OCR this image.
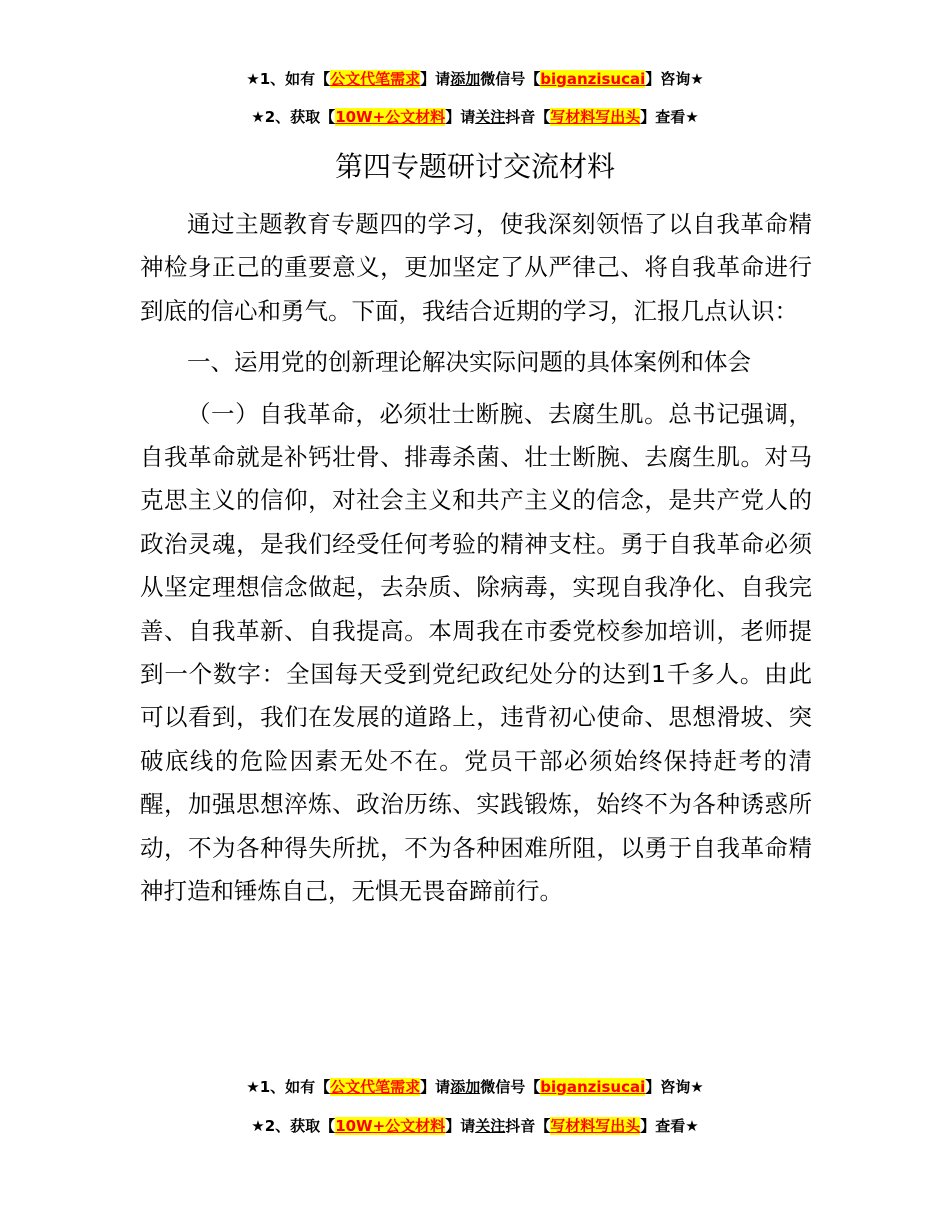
★1、如有【公文代笔需求】请添加微信号【biganzisucai】咨询★
★2、获取【10W+公文材料】请关注抖音【写材料写出头】查看★
第四专题研讨交流材料

通过主题教育专题四的学习，使我深刻领悟了以自我革命精神检身正己的重要意义，更加坚定了从严律己、将自我革命进行到底的信心和勇气。下面，我结合近期的学习，汇报几点认识：

一、运用党的创新理论解决实际问题的具体案例和体会

（一）自我革命，必须壮士断腕、去腐生肌。总书记强调，自我革命就是补钙壮骨、排毒杀菌、壮士断腕、去腐生肌。对马克思主义的信仰，对社会主义和共产主义的信念，是共产党人的政治灵魂，是我们经受任何考验的精神支柱。勇于自我革命必须从坚定理想信念做起，去杂质、除病毒，实现自我净化、自我完善、自我革新、自我提高。本周我在市委党校参加培训，老师提到一个数字：全国每天受到党纪政纪处分的达到1千多人。由此可以看到，我们在发展的道路上，违背初心使命、思想滑坡、突破底线的危险因素无处不在。党员干部必须始终保持赶考的清醒，加强思想淬炼、政治历练、实践锻炼，始终不为各种诱惑所动，不为各种得失所扰，不为各种困难所阻，以勇于自我革命精神打造和锤炼自己，无惧无畏奋蹄前行。

★1、如有【公文代笔需求】请添加微信号【biganzisucai】咨询★
★2、获取【10W+公文材料】请关注抖音【写材料写出头】查看★
